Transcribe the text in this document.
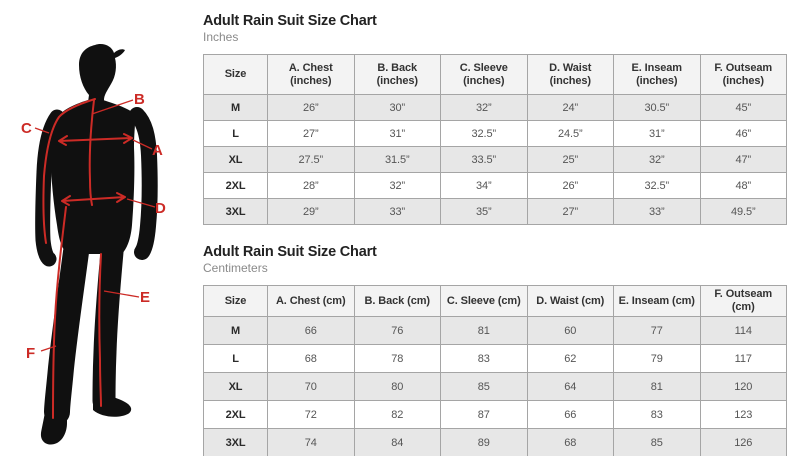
A
B
C
D
E
F
Adult Rain Suit Size Chart
Inches
Size	A. Chest (inches)	B. Back (inches)	C. Sleeve (inches)	D. Waist (inches)	E. Inseam (inches)	F. Outseam (inches)
M	26”	30”	32”	24”	30.5”	45”
L	27”	31”	32.5”	24.5”	31”	46”
XL	27.5”	31.5”	33.5”	25”	32”	47”
2XL	28”	32”	34”	26”	32.5”	48”
3XL	29”	33”	35”	27”	33”	49.5”
Adult Rain Suit Size Chart
Centimeters
Size	A. Chest (cm)	B. Back (cm)	C. Sleeve (cm)	D. Waist (cm)	E. Inseam (cm)	F. Outseam (cm)
M	66	76	81	60	77	114
L	68	78	83	62	79	117
XL	70	80	85	64	81	120
2XL	72	82	87	66	83	123
3XL	74	84	89	68	85	126
